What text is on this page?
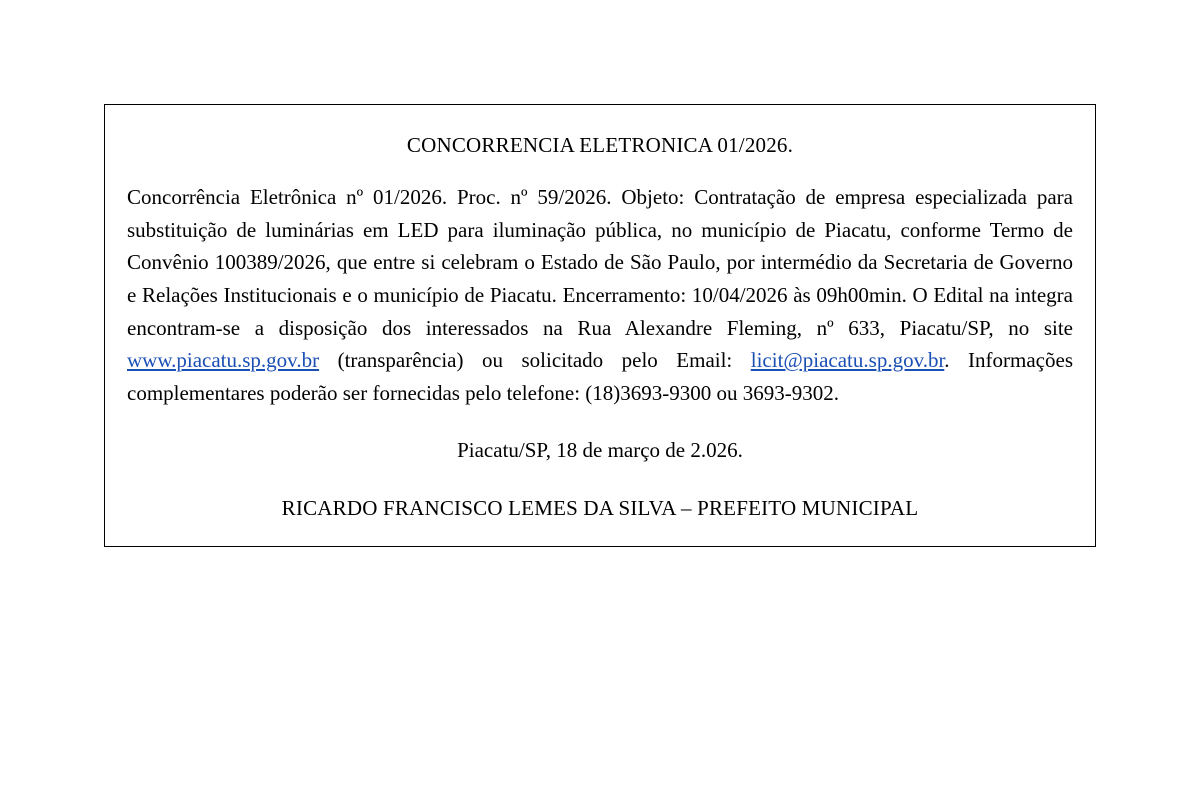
CONCORRENCIA ELETRONICA 01/2026.

Concorrência Eletrônica nº 01/2026. Proc. nº 59/2026. Objeto: Contratação de empresa especializada para substituição de luminárias em LED para iluminação pública, no município de Piacatu, conforme Termo de Convênio 100389/2026, que entre si celebram o Estado de São Paulo, por intermédio da Secretaria de Governo e Relações Institucionais e o município de Piacatu. Encerramento: 10/04/2026 às 09h00min. O Edital na integra encontram-se a disposição dos interessados na Rua Alexandre Fleming, nº 633, Piacatu/SP, no site www.piacatu.sp.gov.br (transparência) ou solicitado pelo Email: licit@piacatu.sp.gov.br. Informações complementares poderão ser fornecidas pelo telefone: (18)3693-9300 ou 3693-9302.

Piacatu/SP, 18 de março de 2.026.
RICARDO FRANCISCO LEMES DA SILVA – PREFEITO MUNICIPAL
